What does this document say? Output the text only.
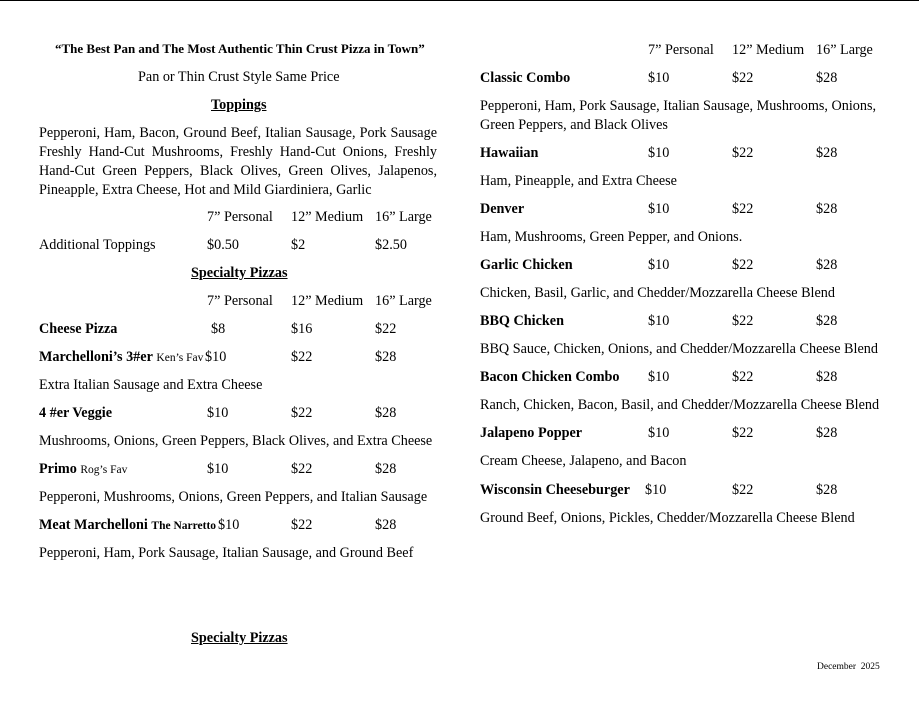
“The Best Pan and The Most Authentic Thin Crust Pizza in Town”
Pan or Thin Crust Style Same Price
Toppings
Pepperoni, Ham, Bacon, Ground Beef, Italian Sausage, Pork Sausage Freshly Hand-Cut Mushrooms, Freshly Hand-Cut Onions, Freshly Hand-Cut Green Peppers, Black Olives, Green Olives, Jalapenos, Pineapple, Extra Cheese, Hot and Mild Giardiniera, Garlic
7” Personal 12” Medium 16” Large
Additional Toppings	$0.50	$2	$2.50
Specialty Pizzas
7” Personal 12” Medium 16” Large
Cheese Pizza	$8	$16	$22
Marchelloni’s 3#er Ken’s Fav $10	$22	$28
Extra Italian Sausage and Extra Cheese
4 #er Veggie	$10	$22	$28
Mushrooms, Onions, Green Peppers, Black Olives, and Extra Cheese
Primo Rog’s Fav	$10	$22	$28
Pepperoni, Mushrooms, Onions, Green Peppers, and Italian Sausage
Meat Marchelloni The Narretto $10	$22	$28
Pepperoni, Ham, Pork Sausage, Italian Sausage, and Ground Beef
Specialty Pizzas
7” Personal 12” Medium 16” Large
Classic Combo	$10	$22	$28
Pepperoni, Ham, Pork Sausage, Italian Sausage, Mushrooms, Onions, Green Peppers, and Black Olives
Hawaiian	$10	$22	$28
Ham, Pineapple, and Extra Cheese
Denver	$10	$22	$28
Ham, Mushrooms, Green Pepper, and Onions.
Garlic Chicken	$10	$22	$28
Chicken, Basil, Garlic, and Chedder/Mozzarella Cheese Blend
BBQ Chicken	$10	$22	$28
BBQ Sauce, Chicken, Onions, and Chedder/Mozzarella Cheese Blend
Bacon Chicken Combo $10	$22	$28
Ranch, Chicken, Bacon, Basil, and Chedder/Mozzarella Cheese Blend
Jalapeno Popper	$10	$22	$28
Cream Cheese, Jalapeno, and Bacon
Wisconsin Cheeseburger $10	$22	$28
Ground Beef, Onions, Pickles, Chedder/Mozzarella Cheese Blend
December  2025
